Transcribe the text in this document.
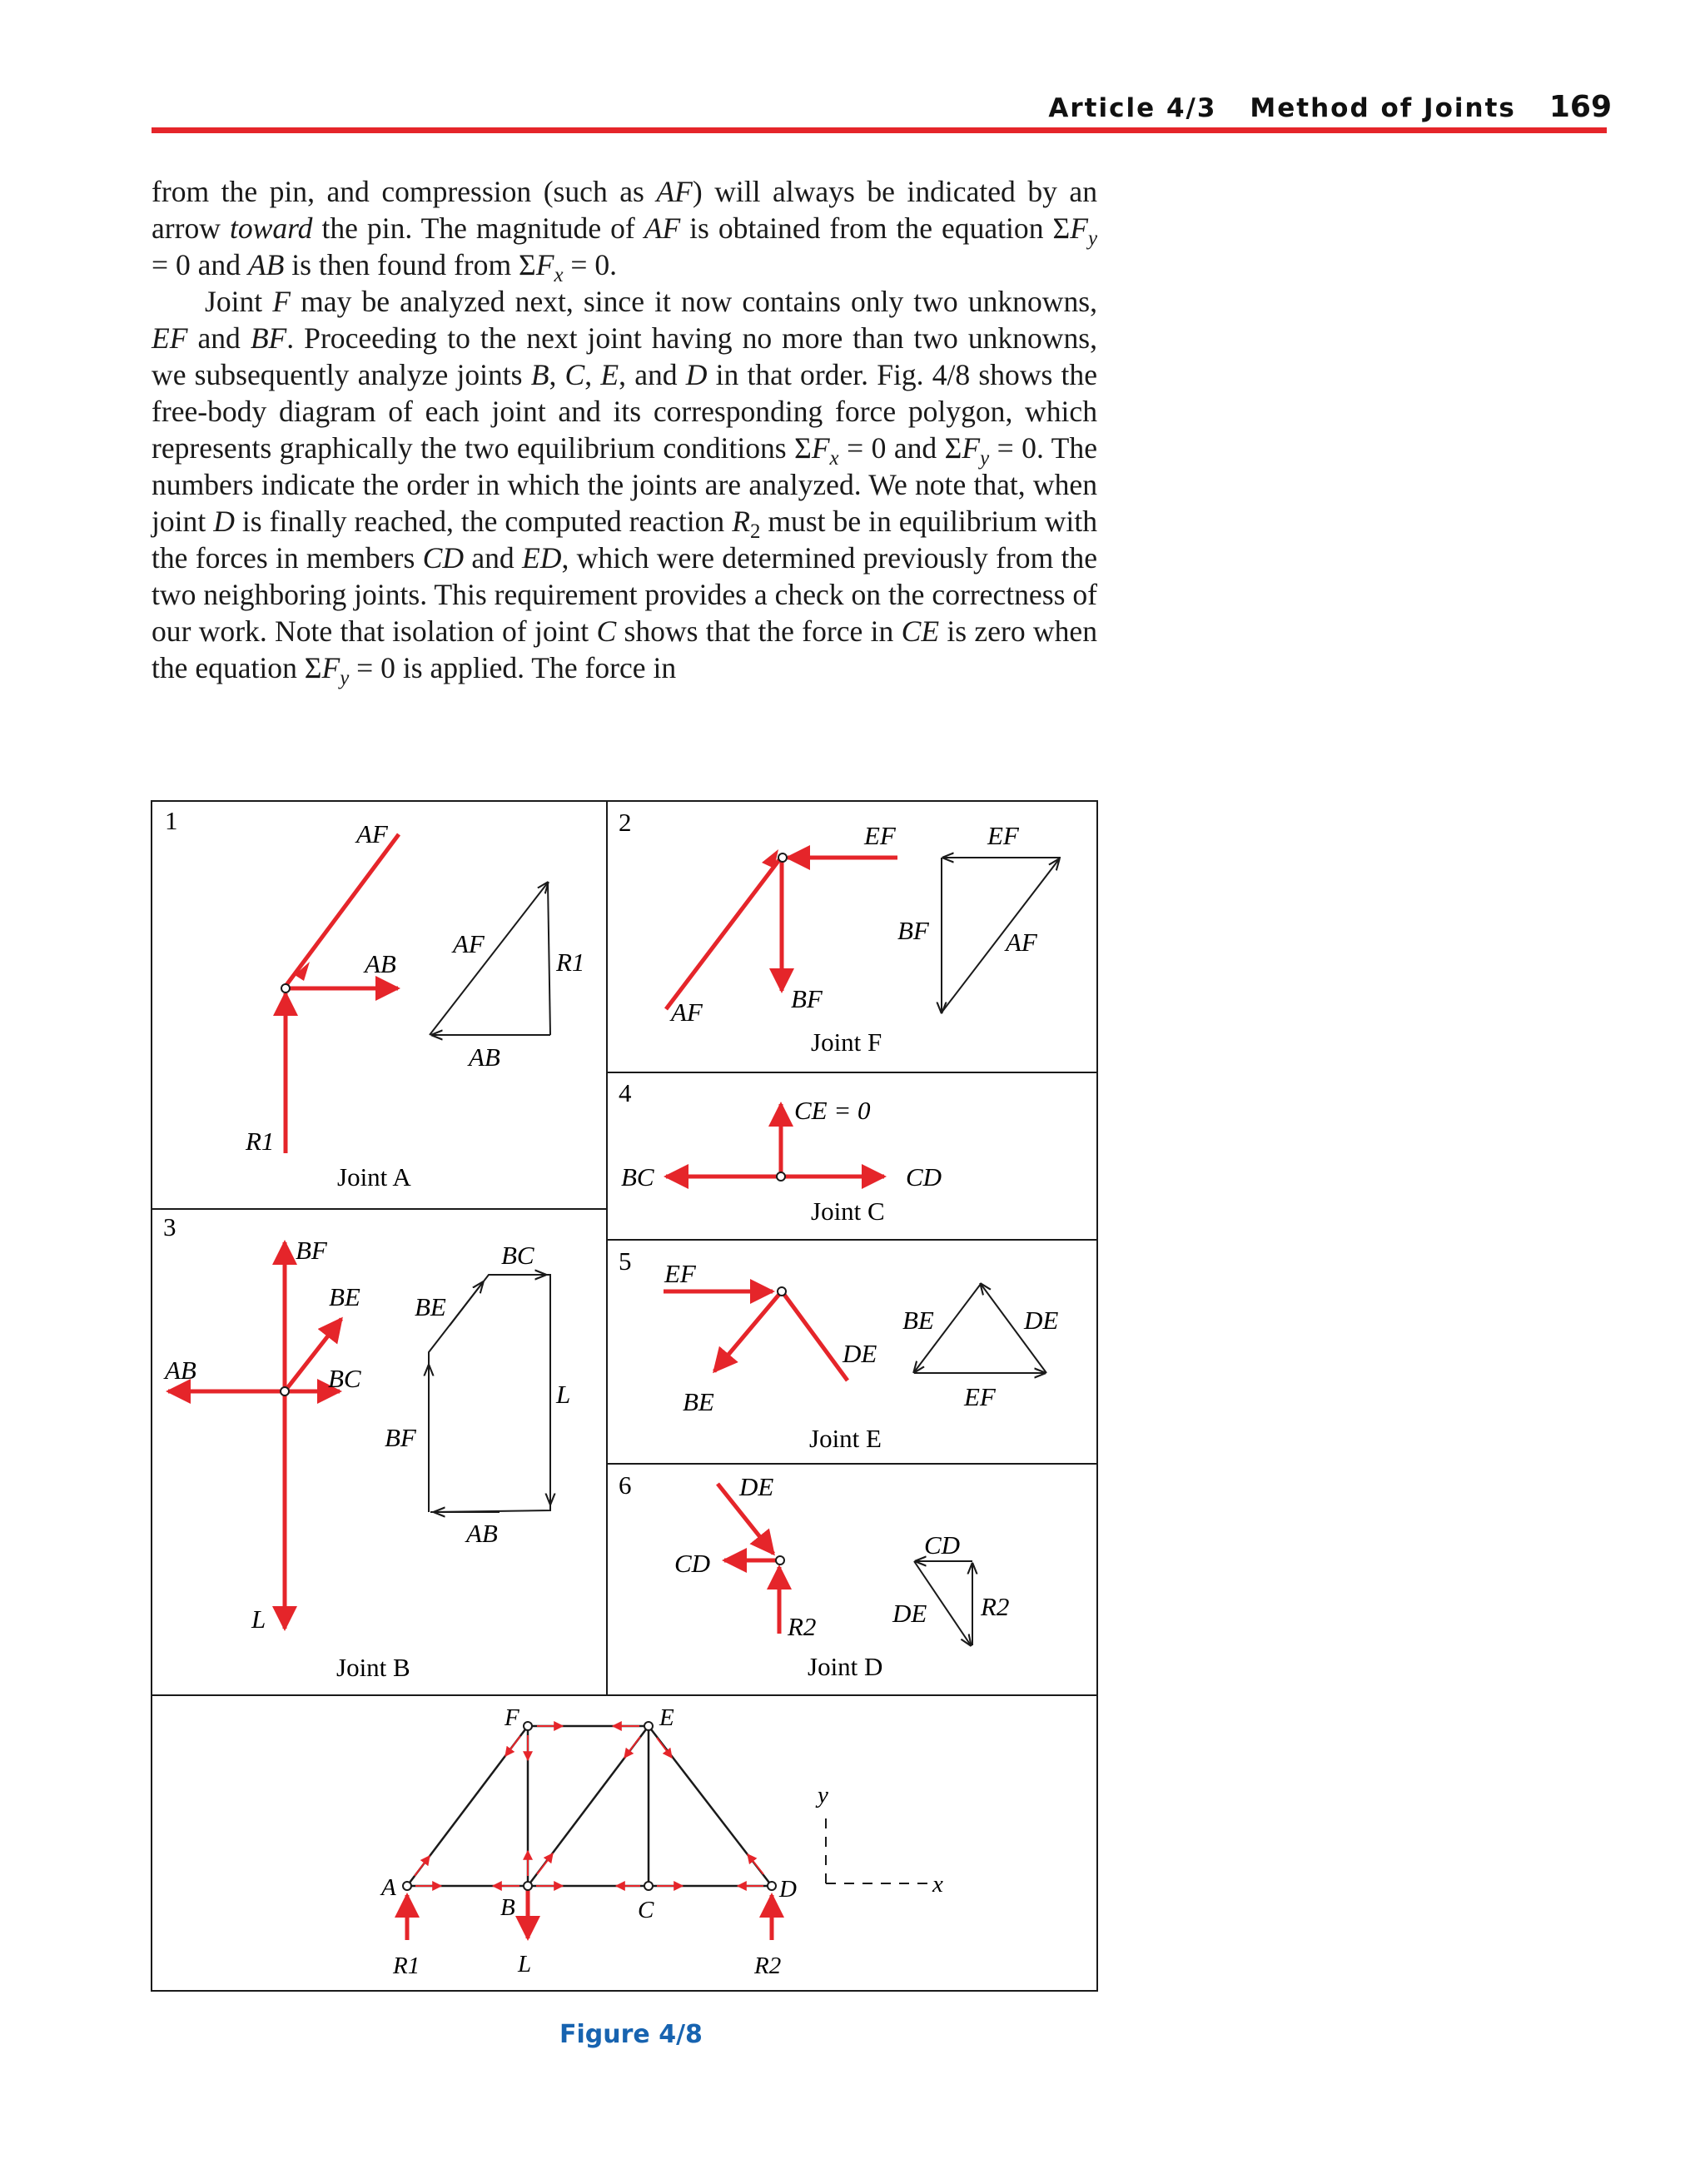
Article 4/3 Method of Joints 169

from the pin, and compression (such as AF) will always be indicated by an arrow toward the pin. The magnitude of AF is obtained from the equation $\Sigma F_y = 0$ and AB is then found from $\Sigma F_x = 0$.

Joint F may be analyzed next, since it now contains only two unknowns, EF and BF. Proceeding to the next joint having no more than two unknowns, we subsequently analyze joints B, C, E, and D in that order. Fig. 4/8 shows the free-body diagram of each joint and its corresponding force polygon, which represents graphically the two equilibrium conditions $\Sigma F_x = 0$ and $\Sigma F_y = 0$. The numbers indicate the order in which the joints are analyzed. We note that, when joint D is finally reached, the computed reaction $R_2$ must be in equilibrium with the forces in members CD and ED, which were determined previously from the two neighboring joints. This requirement provides a check on the correctness of our work. Note that isolation of joint C shows that the force in CE is zero when the equation $\Sigma F_y = 0$ is applied. The force in

1	AF
AB
R1
AF
R1
AB
Joint A
2	EF
AF	BF
EF
BF	AF
Joint F
3
BF
BE
BC
AB
L
BC
BE
L
BF
AB
Joint B
4
CE = 0
BC	CD
Joint C
5 EF
DE
BE
BE	DE
EF
Joint E
6	DE
CD
R2
CD
DE R2
Joint D
A
B	C
D
E
F
R1	L	R2
y
x
Figure 4/8
